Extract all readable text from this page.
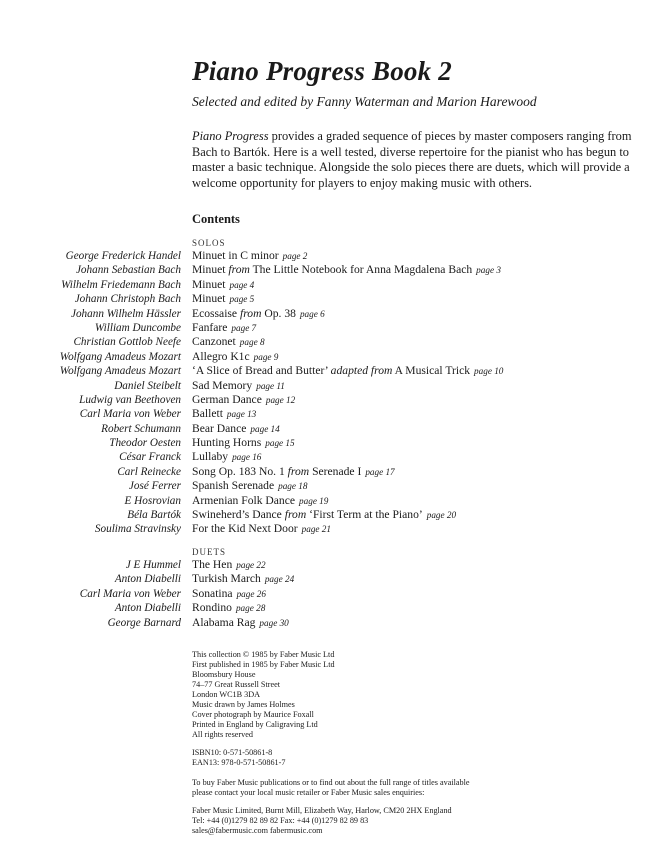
Piano Progress Book 2

Selected and edited by Fanny Waterman and Marion Harewood

Piano Progress provides a graded sequence of pieces by master composers ranging from Bach to Bartók. Here is a well tested, diverse repertoire for the pianist who has begun to master a basic technique. Alongside the solo pieces there are duets, which will provide a welcome opportunity for players to enjoy making music with others.

Contents

SOLOS

George Frederick Handel Minuet in C minor page 2
Johann Sebastian Bach Minuet from The Little Notebook for Anna Magdalena Bach page 3
Wilhelm Friedemann Bach Minuet page 4
Johann Christoph Bach Minuet page 5
Johann Wilhelm Hässler Ecossaise from Op. 38 page 6
William Duncombe Fanfare page 7
Christian Gottlob Neefe Canzonet page 8
Wolfgang Amadeus Mozart Allegro K1c page 9
Wolfgang Amadeus Mozart ‘A Slice of Bread and Butter’ adapted from A Musical Trick page 10
Daniel Steibelt Sad Memory page 11
Ludwig van Beethoven German Dance page 12
Carl Maria von Weber Ballett page 13
Robert Schumann Bear Dance page 14
Theodor Oesten Hunting Horns page 15
César Franck Lullaby page 16
Carl Reinecke Song Op. 183 No. 1 from Serenade I page 17
José Ferrer Spanish Serenade page 18
E Hosrovian Armenian Folk Dance page 19
Béla Bartók Swineherd’s Dance from ‘First Term at the Piano’ page 20
Soulima Stravinsky For the Kid Next Door page 21

DUETS

J E Hummel The Hen page 22
Anton Diabelli Turkish March page 24
Carl Maria von Weber Sonatina page 26
Anton Diabelli Rondino page 28
George Barnard Alabama Rag page 30
This collection © 1985 by Faber Music Ltd
First published in 1985 by Faber Music Ltd
Bloomsbury House
74–77 Great Russell Street
London WC1B 3DA
Music drawn by James Holmes
Cover photograph by Maurice Foxall
Printed in England by Caligraving Ltd
All rights reserved
ISBN10: 0-571-50861-8
EAN13: 978-0-571-50861-7
To buy Faber Music publications or to find out about the full range of titles available
please contact your local music retailer or Faber Music sales enquiries:
Faber Music Limited, Burnt Mill, Elizabeth Way, Harlow, CM20 2HX England
Tel: +44 (0)1279 82 89 82 Fax: +44 (0)1279 82 89 83
sales@fabermusic.com fabermusic.com
